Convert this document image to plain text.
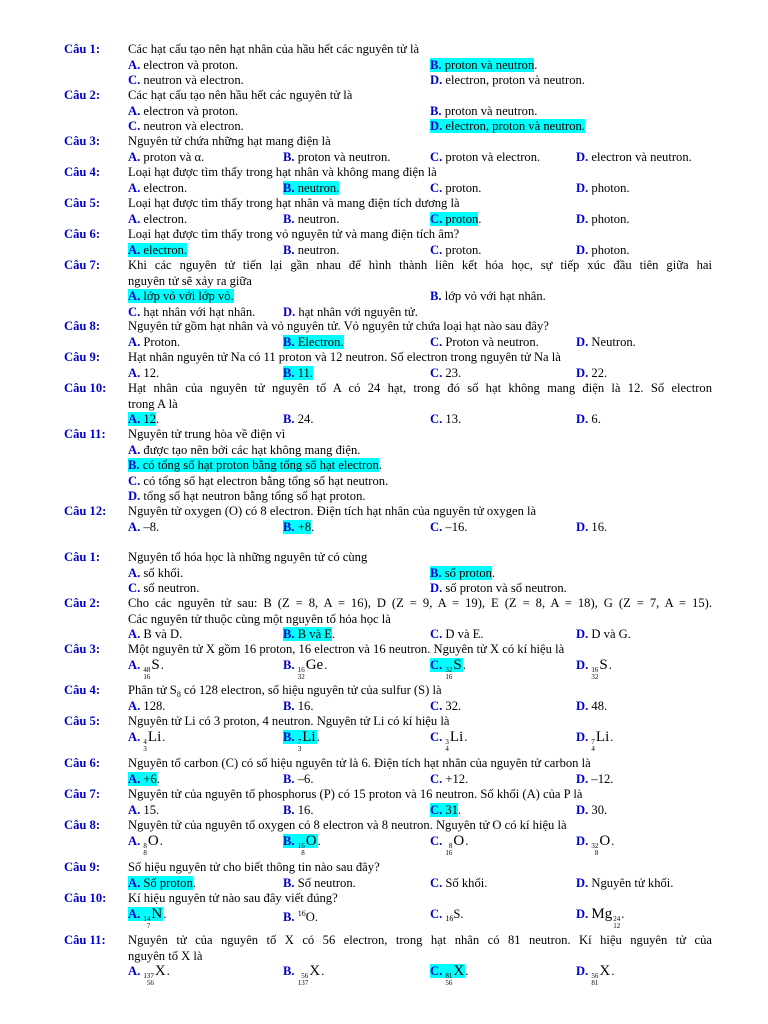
Câu 1: Các hạt cấu tạo nên hạt nhân của hầu hết các nguyên tử là
A. electron và proton.	B. proton và neutron.
C. neutron và electron.	D. electron, proton và neutron.
Câu 2: Các hạt cấu tạo nên hầu hết các nguyên tử là
A. electron và proton.	B. proton và neutron.
C. neutron và electron.	D. electron, proton và neutron.
Câu 3: Nguyên tử chứa những hạt mang điện là
A. proton và α.	B. proton và neutron.	C. proton và electron.	D. electron và neutron.
Câu 4: Loại hạt được tìm thấy trong hạt nhân và không mang điện là
A. electron.	B. neutron.	C. proton.	D. photon.
Câu 5: Loại hạt được tìm thấy trong hạt nhân và mang điện tích dương là
A. electron.	B. neutron.	C. proton.	D. photon.
Câu 6: Loại hạt được tìm thấy trong vỏ nguyên tử và mang điện tích âm?
A. electron.	B. neutron.	C. proton.	D. photon.
Câu 7: Khi các nguyên tử tiến lại gần nhau để hình thành liên kết hóa học, sự tiếp xúc đầu tiên giữa hai
nguyên tử sẽ xảy ra giữa
A. lớp vỏ với lớp vỏ.	B. lớp vỏ với hạt nhân.
C. hạt nhân với hạt nhân. D. hạt nhân với nguyên tử.
Câu 8: Nguyên tử gồm hạt nhân và vỏ nguyên tử. Vỏ nguyên tử chứa loại hạt nào sau đây?
A. Proton.	B. Electron.	C. Proton và neutron.	D. Neutron.
Câu 9: Hạt nhân nguyên tử Na có 11 proton và 12 neutron. Số electron trong nguyên tử Na là
A. 12.	B. 11.	C. 23.	D. 22.
Câu 10: Hạt nhân của nguyên tử nguyên tố A có 24 hạt, trong đó số hạt không mang điện là 12. Số electron
trong A là
A. 12.	B. 24.	C. 13.	D. 6.
Câu 11: Nguyên tử trung hòa về điện vì
A. được tạo nên bởi các hạt không mang điện.
B. có tổng số hạt proton bằng tổng số hạt electron.
C. có tổng số hạt electron bằng tổng số hạt neutron.
D. tổng số hạt neutron bằng tổng số hạt proton.
Câu 12: Nguyên tử oxygen (O) có 8 electron. Điện tích hạt nhân của nguyên tử oxygen là
A. –8.	B. +8.	C. –16.	D. 16.
Câu 1: Nguyên tố hóa học là những nguyên tử có cùng
A. số khối.	B. số proton.
C. số neutron.	D. số proton và số neutron.
Câu 2: Cho các nguyên tử sau: B (Z = 8, A = 16), D (Z = 9, A = 19), E (Z = 8, A = 18), G (Z = 7, A = 15).
Các nguyên tử thuộc cùng một nguyên tố hóa học là
A. B và D.	B. B và E.	C. D và E.	D. D và G.
Câu 3: Một nguyên tử X gồm 16 proton, 16 electron và 16 neutron. Nguyên tử X có kí hiệu là
A. 48
16
S.	B. 16
32
Ge.	C. 32
16
S.	D. 16
32
S.
Câu 4: Phân tử $S_8$ có 128 electron, số hiệu nguyên tử của sulfur (S) là
A. 128.	B. 16.	C. 32.	D. 48.
Câu 5: Nguyên tử Li có 3 proton, 4 neutron. Nguyên tử Li có kí hiệu là
A. 4
3
Li.	B. 7
3
Li.	C. 3
4
Li.	D. 7
4
Li.
Câu 6: Nguyên tố carbon (C) có số hiệu nguyên tử là 6. Điện tích hạt nhân của nguyên tử carbon là
A. +6.	B. –6.	C. +12.	D. –12.
Câu 7: Nguyên tử của nguyên tố phosphorus (P) có 15 proton và 16 neutron. Số khối (A) của P là
A. 15.	B. 16.	C. 31.	D. 30.
Câu 8: Nguyên tử của nguyên tố oxygen có 8 electron và 8 neutron. Nguyên tử O có kí hiệu là
A. 8
8
O.	B. 16
8
O.	C. 8
16
O.	D. 32
8
O.
Câu 9: Số hiệu nguyên tử cho biết thông tin nào sau đây?
A. Số proton.	B. Số neutron.	C. Số khối.	D. Nguyên tử khối.
Câu 10: Kí hiệu nguyên tử nào sau đây viết đúng?
A. 14
7
N.	B. $^{16}$O.	C. $_{16}$S.	D. Mg 24
12
.
Câu 11: Nguyên tử của nguyên tố X có 56 electron, trong hạt nhân có 81 neutron. Kí hiệu nguyên tử của
nguyên tố X là
A. 137
56
X.	B. 56
137
X.	C. 81
56
X.	D. 56
81
X.
